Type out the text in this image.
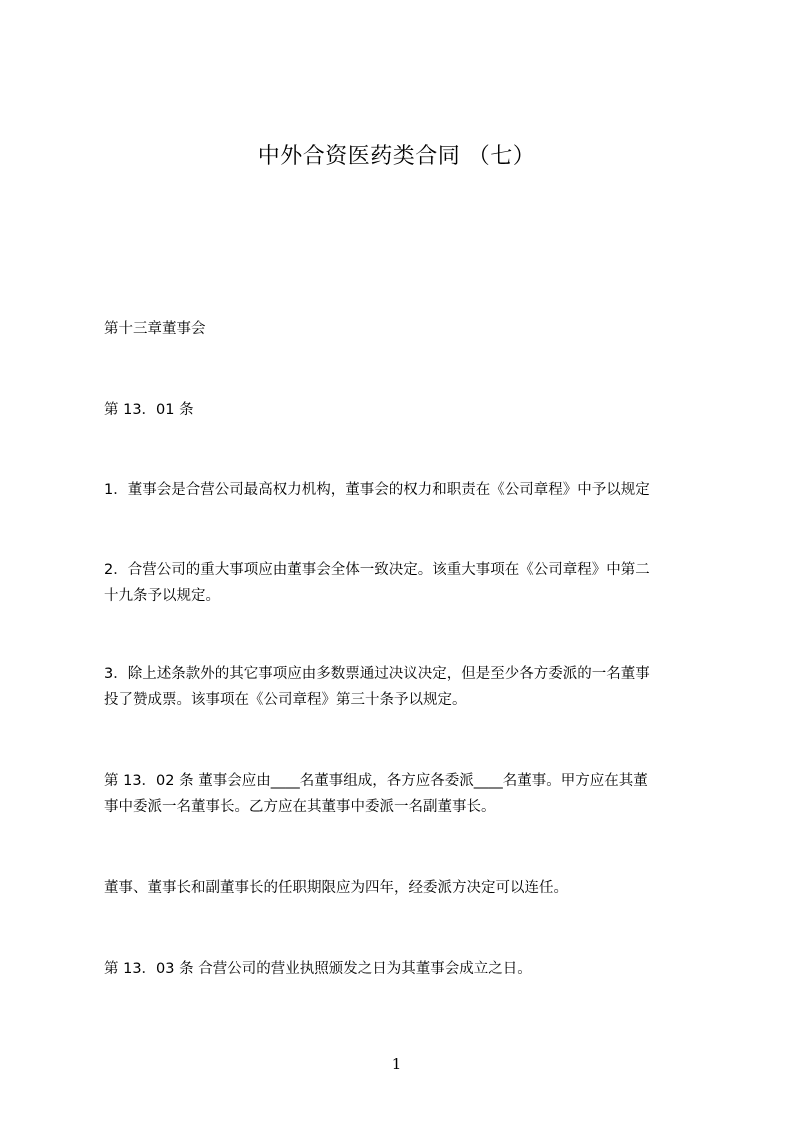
中外合资医药类合同 （七）
第十三章董事会
第 13．01 条
1．董事会是合营公司最高权力机构，董事会的权力和职责在《公司章程》中予以规定
2．合营公司的重大事项应由董事会全体一致决定。该重大事项在《公司章程》中第二
十九条予以规定。
3．除上述条款外的其它事项应由多数票通过决议决定，但是至少各方委派的一名董事
投了赞成票。该事项在《公司章程》第三十条予以规定。
第 13．02 条 董事会应由____名董事组成，各方应各委派____名董事。甲方应在其董
事中委派一名董事长。乙方应在其董事中委派一名副董事长。
董事、董事长和副董事长的任职期限应为四年，经委派方决定可以连任。
第 13．03 条 合营公司的营业执照颁发之日为其董事会成立之日。
1
